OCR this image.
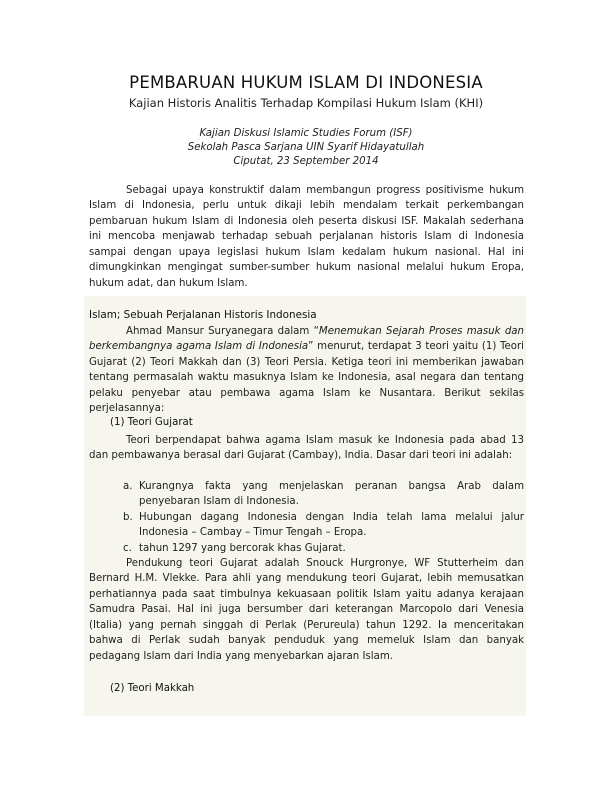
PEMBARUAN HUKUM ISLAM DI INDONESIA
Kajian Historis Analitis Terhadap Kompilasi Hukum Islam (KHI)
Kajian Diskusi Islamic Studies Forum (ISF)
Sekolah Pasca Sarjana UIN Syarif Hidayatullah
Ciputat, 23 September 2014

Sebagai upaya konstruktif dalam membangun progress positivisme hukum Islam di Indonesia, perlu untuk dikaji lebih mendalam terkait perkembangan pembaruan hukum Islam di Indonesia oleh peserta diskusi ISF. Makalah sederhana ini mencoba menjawab terhadap sebuah perjalanan historis Islam di Indonesia sampai dengan upaya legislasi hukum Islam kedalam hukum nasional. Hal ini dimungkinkan mengingat sumber-sumber hukum nasional melalui hukum Eropa, hukum adat, dan hukum Islam.

Islam; Sebuah Perjalanan Historis Indonesia

Ahmad Mansur Suryanegara dalam “Menemukan Sejarah Proses masuk dan berkembangnya agama Islam di Indonesia” menurut, terdapat 3 teori yaitu (1) Teori Gujarat (2) Teori Makkah dan (3) Teori Persia. Ketiga teori ini memberikan jawaban tentang permasalah waktu masuknya Islam ke Indonesia, asal negara dan tentang pelaku penyebar atau pembawa agama Islam ke Nusantara. Berikut sekilas perjelasannya:

(1) Teori Gujarat

Teori berpendapat bahwa agama Islam masuk ke Indonesia pada abad 13 dan pembawanya berasal dari Gujarat (Cambay), India. Dasar dari teori ini adalah:

a. Kurangnya fakta yang menjelaskan peranan bangsa Arab dalam penyebaran Islam di Indonesia.
b. Hubungan dagang Indonesia dengan India telah lama melalui jalur Indonesia – Cambay – Timur Tengah – Eropa.
c. tahun 1297 yang bercorak khas Gujarat.

Pendukung teori Gujarat adalah Snouck Hurgronye, WF Stutterheim dan Bernard H.M. Vlekke. Para ahli yang mendukung teori Gujarat, lebih memusatkan perhatiannya pada saat timbulnya kekuasaan politik Islam yaitu adanya kerajaan Samudra Pasai. Hal ini juga bersumber dari keterangan Marcopolo dari Venesia (Italia) yang pernah singgah di Perlak (Perureula) tahun 1292. Ia menceritakan bahwa di Perlak sudah banyak penduduk yang memeluk Islam dan banyak pedagang Islam dari India yang menyebarkan ajaran Islam.

(2) Teori Makkah
